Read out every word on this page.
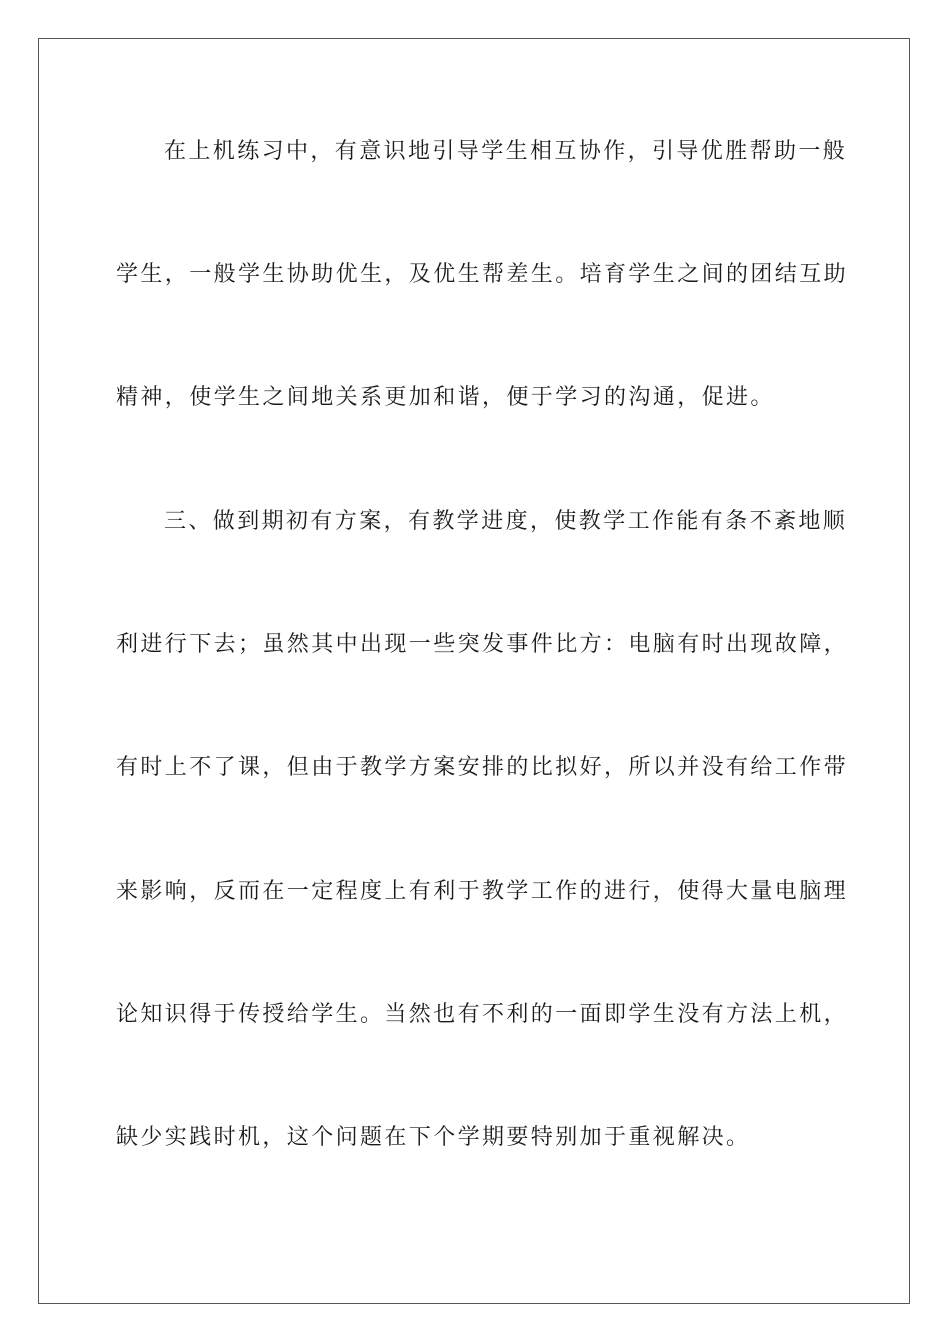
在上机练习中，有意识地引导学生相互协作，引导优胜帮助一般
学生，一般学生协助优生，及优生帮差生。培育学生之间的团结互助
精神，使学生之间地关系更加和谐，便于学习的沟通，促进。
三、做到期初有方案，有教学进度，使教学工作能有条不紊地顺
利进行下去；虽然其中出现一些突发事件比方：电脑有时出现故障，
有时上不了课，但由于教学方案安排的比拟好，所以并没有给工作带
来影响，反而在一定程度上有利于教学工作的进行，使得大量电脑理
论知识得于传授给学生。当然也有不利的一面即学生没有方法上机，
缺少实践时机，这个问题在下个学期要特别加于重视解决。
